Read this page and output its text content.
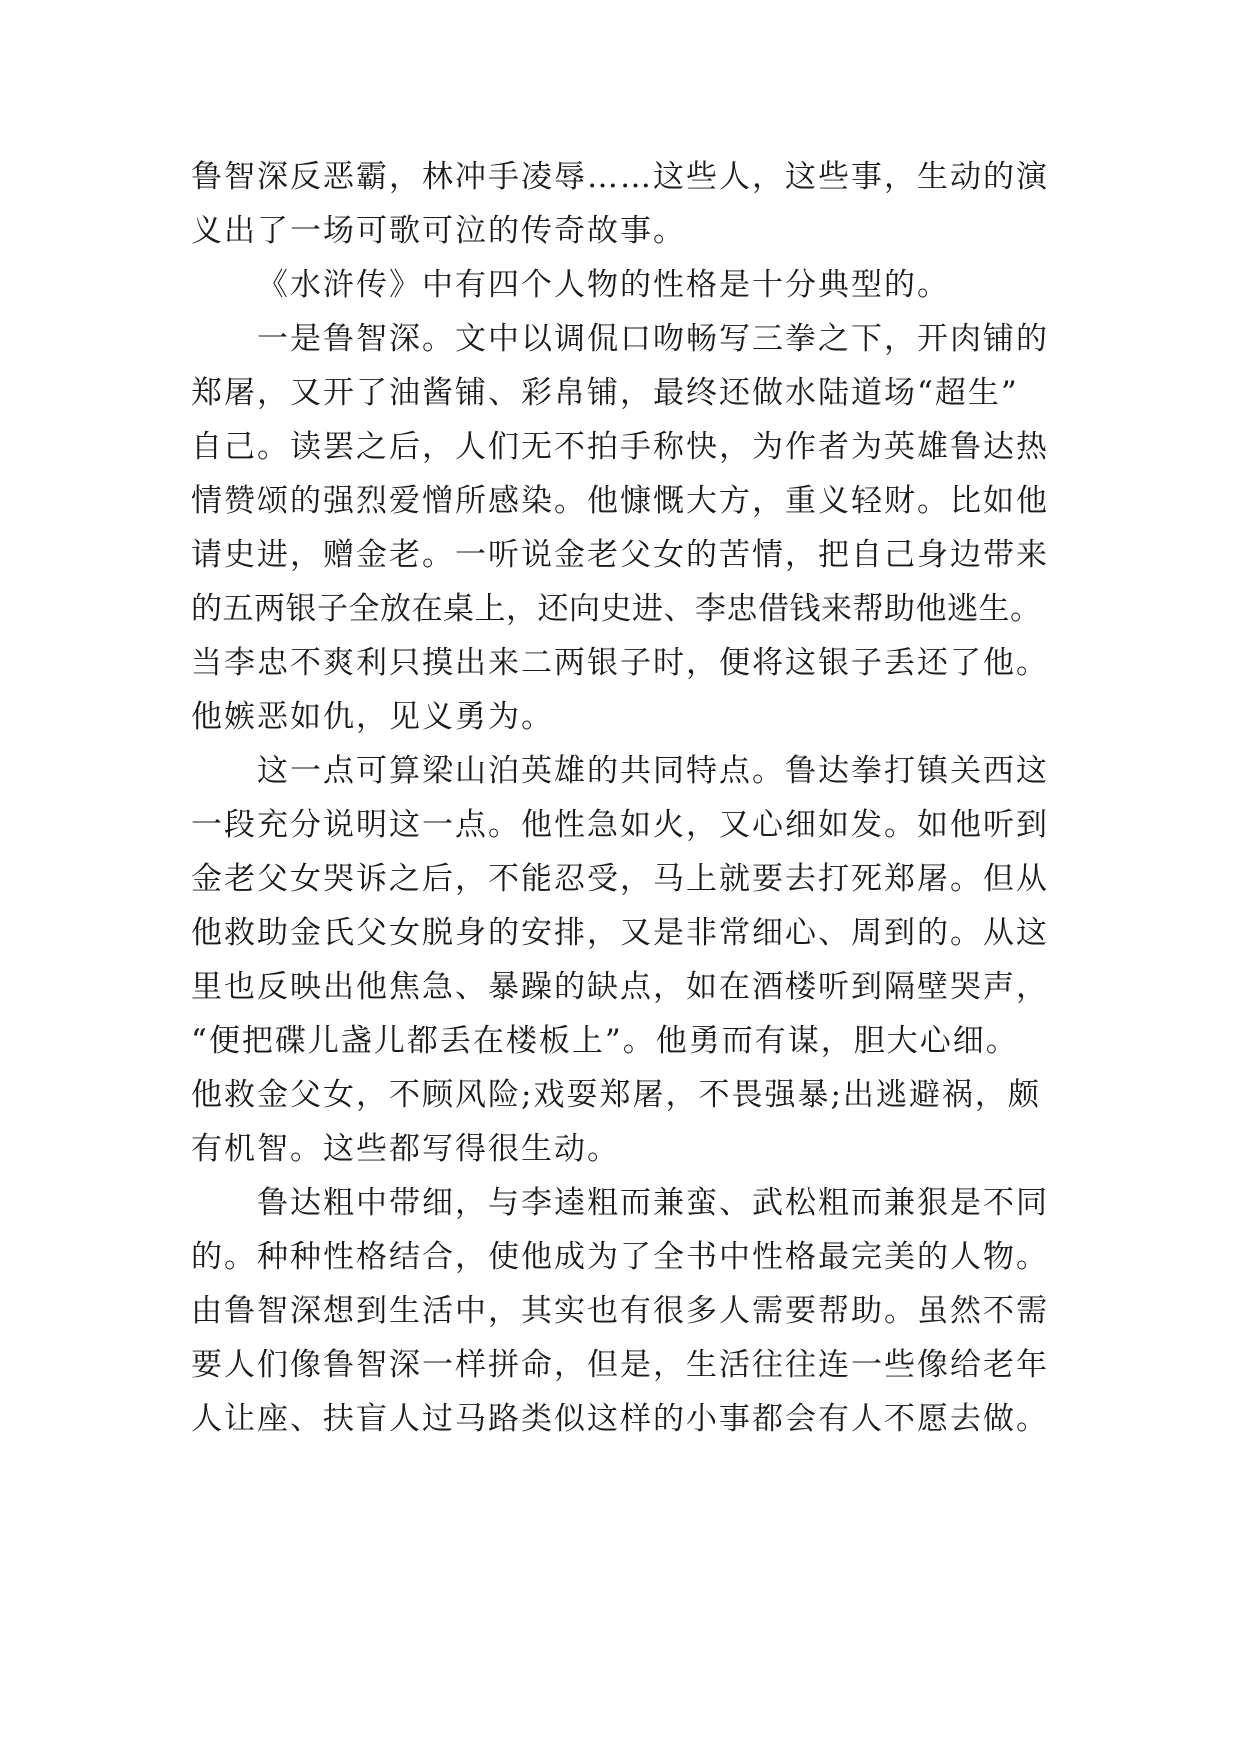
鲁智深反恶霸，林冲手凌辱……这些人，这些事，生动的演
义出了一场可歌可泣的传奇故事。
《水浒传》中有四个人物的性格是十分典型的。
一是鲁智深。文中以调侃口吻畅写三拳之下，开肉铺的
郑屠，又开了油酱铺、彩帛铺，最终还做水陆道场“超生”
自己。读罢之后，人们无不拍手称快，为作者为英雄鲁达热
情赞颂的强烈爱憎所感染。他慷慨大方，重义轻财。比如他
请史进，赠金老。一听说金老父女的苦情，把自己身边带来
的五两银子全放在桌上，还向史进、李忠借钱来帮助他逃生。
当李忠不爽利只摸出来二两银子时，便将这银子丢还了他。
他嫉恶如仇，见义勇为。
这一点可算梁山泊英雄的共同特点。鲁达拳打镇关西这
一段充分说明这一点。他性急如火，又心细如发。如他听到
金老父女哭诉之后，不能忍受，马上就要去打死郑屠。但从
他救助金氏父女脱身的安排，又是非常细心、周到的。从这
里也反映出他焦急、暴躁的缺点，如在酒楼听到隔壁哭声，
“便把碟儿盏儿都丢在楼板上”。他勇而有谋，胆大心细。
他救金父女，不顾风险;戏耍郑屠，不畏强暴;出逃避祸，颇
有机智。这些都写得很生动。
鲁达粗中带细，与李逵粗而兼蛮、武松粗而兼狠是不同
的。种种性格结合，使他成为了全书中性格最完美的人物。
由鲁智深想到生活中，其实也有很多人需要帮助。虽然不需
要人们像鲁智深一样拼命，但是，生活往往连一些像给老年
人让座、扶盲人过马路类似这样的小事都会有人不愿去做。
